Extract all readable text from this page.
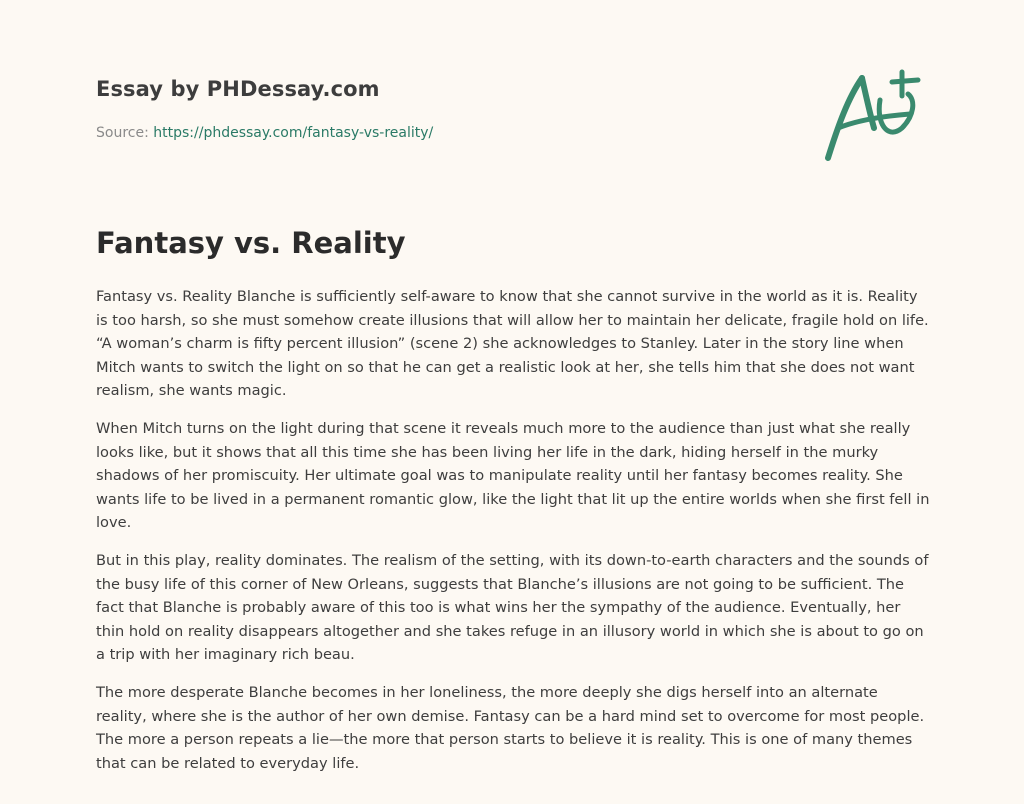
Essay by PHDessay.com
Source: https://phdessay.com/fantasy-vs-reality/
Fantasy vs. Reality

Fantasy vs. Reality Blanche is sufficiently self-aware to know that she cannot survive in the world as it is. Reality is too harsh, so she must somehow create illusions that will allow her to maintain her delicate, fragile hold on life. “A woman’s charm is fifty percent illusion” (scene 2) she acknowledges to Stanley. Later in the story line when Mitch wants to switch the light on so that he can get a realistic look at her, she tells him that she does not want realism, she wants magic.

When Mitch turns on the light during that scene it reveals much more to the audience than just what she really looks like, but it shows that all this time she has been living her life in the dark, hiding herself in the murky shadows of her promiscuity. Her ultimate goal was to manipulate reality until her fantasy becomes reality. She wants life to be lived in a permanent romantic glow, like the light that lit up the entire worlds when she first fell in love.

But in this play, reality dominates. The realism of the setting, with its down-to-earth characters and the sounds of the busy life of this corner of New Orleans, suggests that Blanche’s illusions are not going to be sufficient. The fact that Blanche is probably aware of this too is what wins her the sympathy of the audience. Eventually, her thin hold on reality disappears altogether and she takes refuge in an illusory world in which she is about to go on a trip with her imaginary rich beau.

The more desperate Blanche becomes in her loneliness, the more deeply she digs herself into an alternate reality, where she is the author of her own demise. Fantasy can be a hard mind set to overcome for most people. The more a person repeats a lie—the more that person starts to believe it is reality. This is one of many themes that can be related to everyday life.
